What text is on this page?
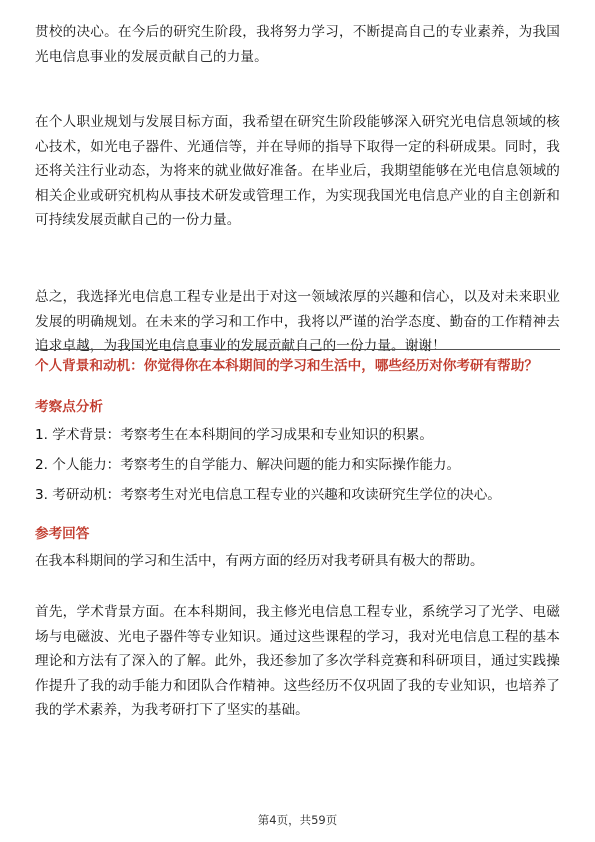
贯校的决心。在今后的研究生阶段，我将努力学习，不断提高自己的专业素养，为我国光电信息事业的发展贡献自己的力量。

在个人职业规划与发展目标方面，我希望在研究生阶段能够深入研究光电信息领域的核心技术，如光电子器件、光通信等，并在导师的指导下取得一定的科研成果。同时，我还将关注行业动态，为将来的就业做好准备。在毕业后，我期望能够在光电信息领域的相关企业或研究机构从事技术研发或管理工作，为实现我国光电信息产业的自主创新和可持续发展贡献自己的一份力量。

总之，我选择光电信息工程专业是出于对这一领域浓厚的兴趣和信心，以及对未来职业发展的明确规划。在未来的学习和工作中，我将以严谨的治学态度、勤奋的工作精神去追求卓越，为我国光电信息事业的发展贡献自己的一份力量。谢谢！

个人背景和动机：你觉得你在本科期间的学习和生活中，哪些经历对你考研有帮助？

考察点分析

1. 学术背景：考察考生在本科期间的学习成果和专业知识的积累。

2. 个人能力：考察考生的自学能力、解决问题的能力和实际操作能力。

3. 考研动机：考察考生对光电信息工程专业的兴趣和攻读研究生学位的决心。

参考回答

在我本科期间的学习和生活中，有两方面的经历对我考研具有极大的帮助。

首先，学术背景方面。在本科期间，我主修光电信息工程专业，系统学习了光学、电磁场与电磁波、光电子器件等专业知识。通过这些课程的学习，我对光电信息工程的基本理论和方法有了深入的了解。此外，我还参加了多次学科竞赛和科研项目，通过实践操作提升了我的动手能力和团队合作精神。这些经历不仅巩固了我的专业知识，也培养了我的学术素养，为我考研打下了坚实的基础。

第4页，共59页
